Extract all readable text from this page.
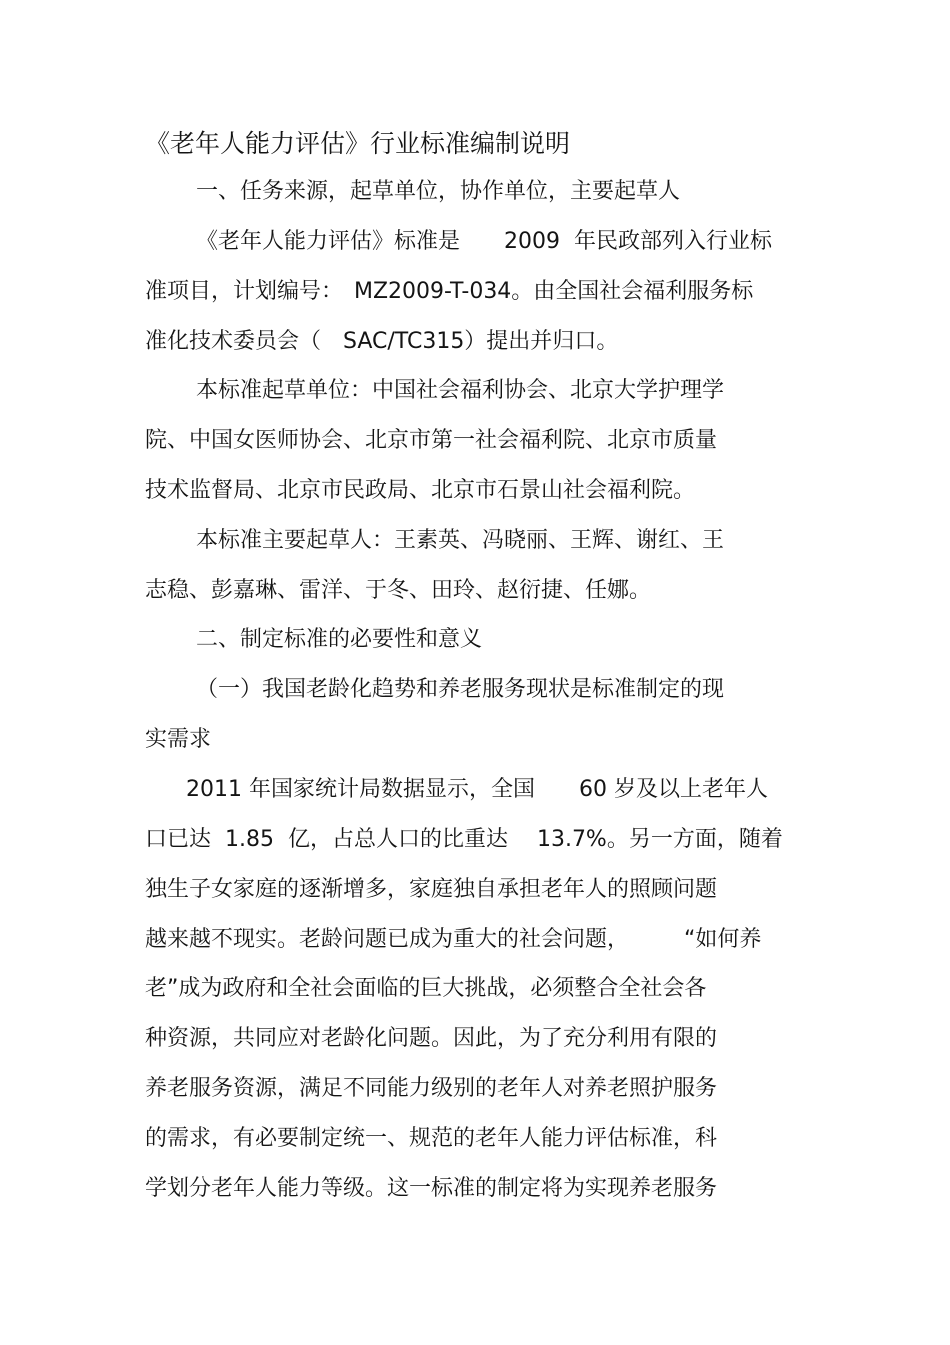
《老年人能力评估》行业标准编制说明
一、任务来源，起草单位，协作单位，主要起草人
《老年人能力评估》标准是　　2009  年民政部列入行业标
准项目，计划编号：　MZ2009-T-034。由全国社会福利服务标
准化技术委员会（　SAC/TC315）提出并归口。
本标准起草单位：中国社会福利协会、北京大学护理学
院、中国女医师协会、北京市第一社会福利院、北京市质量
技术监督局、北京市民政局、北京市石景山社会福利院。
本标准主要起草人：王素英、冯晓丽、王辉、谢红、王
志稳、彭嘉琳、雷洋、于冬、田玲、赵衍捷、任娜。
二、制定标准的必要性和意义
（一）我国老龄化趋势和养老服务现状是标准制定的现
实需求
2011 年国家统计局数据显示，全国　　60 岁及以上老年人
口已达  1.85  亿，占总人口的比重达　 13.7%。另一方面，随着
独生子女家庭的逐渐增多，家庭独自承担老年人的照顾问题
越来越不现实。老龄问题已成为重大的社会问题，　　　“如何养
老”成为政府和全社会面临的巨大挑战，必须整合全社会各
种资源，共同应对老龄化问题。因此，为了充分利用有限的
养老服务资源，满足不同能力级别的老年人对养老照护服务
的需求，有必要制定统一、规范的老年人能力评估标准，科
学划分老年人能力等级。这一标准的制定将为实现养老服务
